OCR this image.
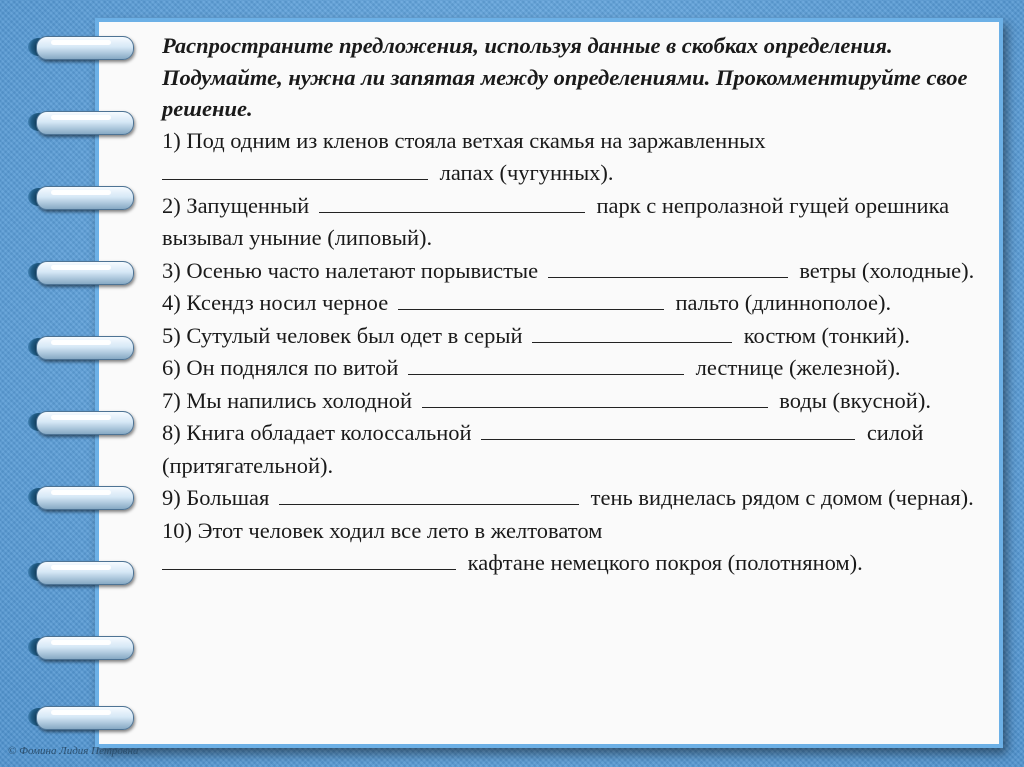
Распространите предложения, используя данные в скобках определения. Подумайте, нужна ли запятая между определениями. Прокомментируйте свое решение.

1) Под одним из кленов стояла ветхая скамья на заржавленных
лапах (чугунных).

2) Запущенный	парк с непролазной гущей орешника вызывал уныние (липовый).

3) Осенью часто налетают порывистые	ветры (холодные).

4) Ксендз носил черное	пальто (длиннополое).

5) Сутулый человек был одет в серый	костюм (тонкий).

6) Он поднялся по витой	лестнице (железной).

7) Мы напились холодной	воды (вкусной).

8) Книга обладает колоссальной	силой (притягательной).

9) Большая	тень виднелась рядом с домом (черная).

10) Этот человек ходил все лето в желтоватом
кафтане немецкого покроя (полотняном).

© Фомина Лидия Петровна
